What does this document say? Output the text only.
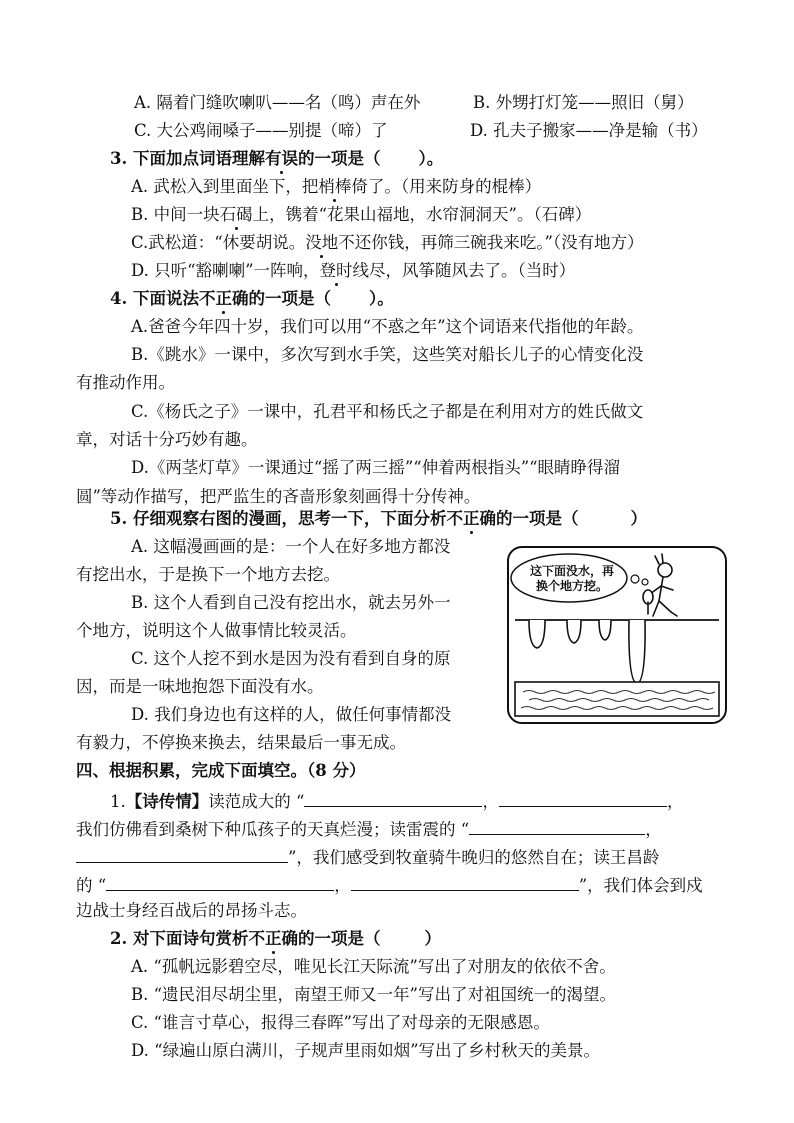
A. 隔着门缝吹喇叭——名（鸣）声在外	B. 外甥打灯笼——照旧（舅）
C. 大公鸡闹嗓子——别提（啼）了	D. 孔夫子搬家——净是输（书）
3. 下面加点词语理解有误的一项是（ ）。
A. 武松入到里面坐下，把梢棒倚了。（用来防身的棍棒）
B. 中间一块石碣上，镌着“花果山福地，水帘洞洞天”。（石碑）
C.武松道：“休要胡说。没地不还你钱，再筛三碗我来吃。”（没有地方）
D. 只听“豁喇喇”一阵响，登时线尽，风筝随风去了。（当时）
4. 下面说法不正确的一项是（ ）。
A.爸爸今年四十岁，我们可以用“不惑之年”这个词语来代指他的年龄。
B.《跳水》一课中，多次写到水手笑，这些笑对船长儿子的心情变化没
有推动作用。
C.《杨氏之子》一课中，孔君平和杨氏之子都是在利用对方的姓氏做文
章，对话十分巧妙有趣。
D.《两茎灯草》一课通过“摇了两三摇”“伸着两根指头”“眼睛睁得溜
圆”等动作描写，把严监生的吝啬形象刻画得十分传神。
5. 仔细观察右图的漫画，思考一下，下面分析不正确的一项是（	）
A. 这幅漫画画的是：一个人在好多地方都没
有挖出水，于是换下一个地方去挖。
B. 这个人看到自己没有挖出水，就去另外一
个地方，说明这个人做事情比较灵活。
C. 这个人挖不到水是因为没有看到自身的原
因，而是一味地抱怨下面没有水。
D. 我们身边也有这样的人，做任何事情都没
有毅力，不停换来换去，结果最后一事无成。
这下面没水，再
换个地方挖。
四、根据积累，完成下面填空。（8 分）
1.【诗传情】读范成大的 “	，	，
我们仿佛看到桑树下种瓜孩子的天真烂漫；读雷震的 “	，
”，我们感受到牧童骑牛晚归的悠然自在；读王昌龄
的 “	，	”，我们体会到戍
边战士身经百战后的昂扬斗志。
2. 对下面诗句赏析不正确的一项是（	）
A. “孤帆远影碧空尽，唯见长江天际流”写出了对朋友的依依不舍。
B. “遗民泪尽胡尘里，南望王师又一年”写出了对祖国统一的渴望。
C. “谁言寸草心，报得三春晖”写出了对母亲的无限感恩。
D. “绿遍山原白满川，子规声里雨如烟”写出了乡村秋天的美景。
